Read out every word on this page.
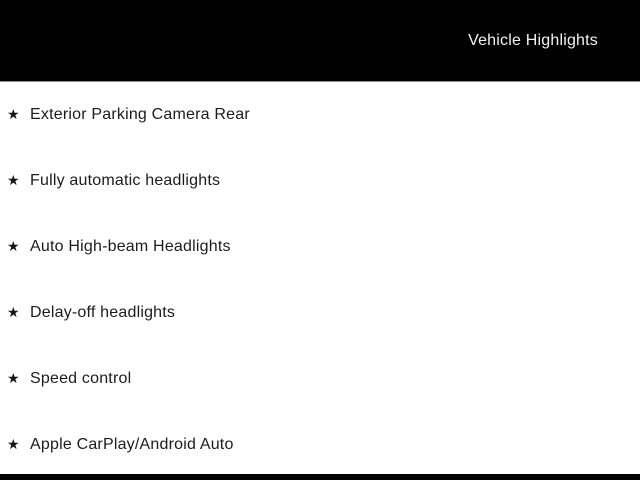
Vehicle Highlights
★ Exterior Parking Camera Rear
★ Fully automatic headlights
★ Auto High-beam Headlights
★ Delay-off headlights
★ Speed control
★ Apple CarPlay/Android Auto
